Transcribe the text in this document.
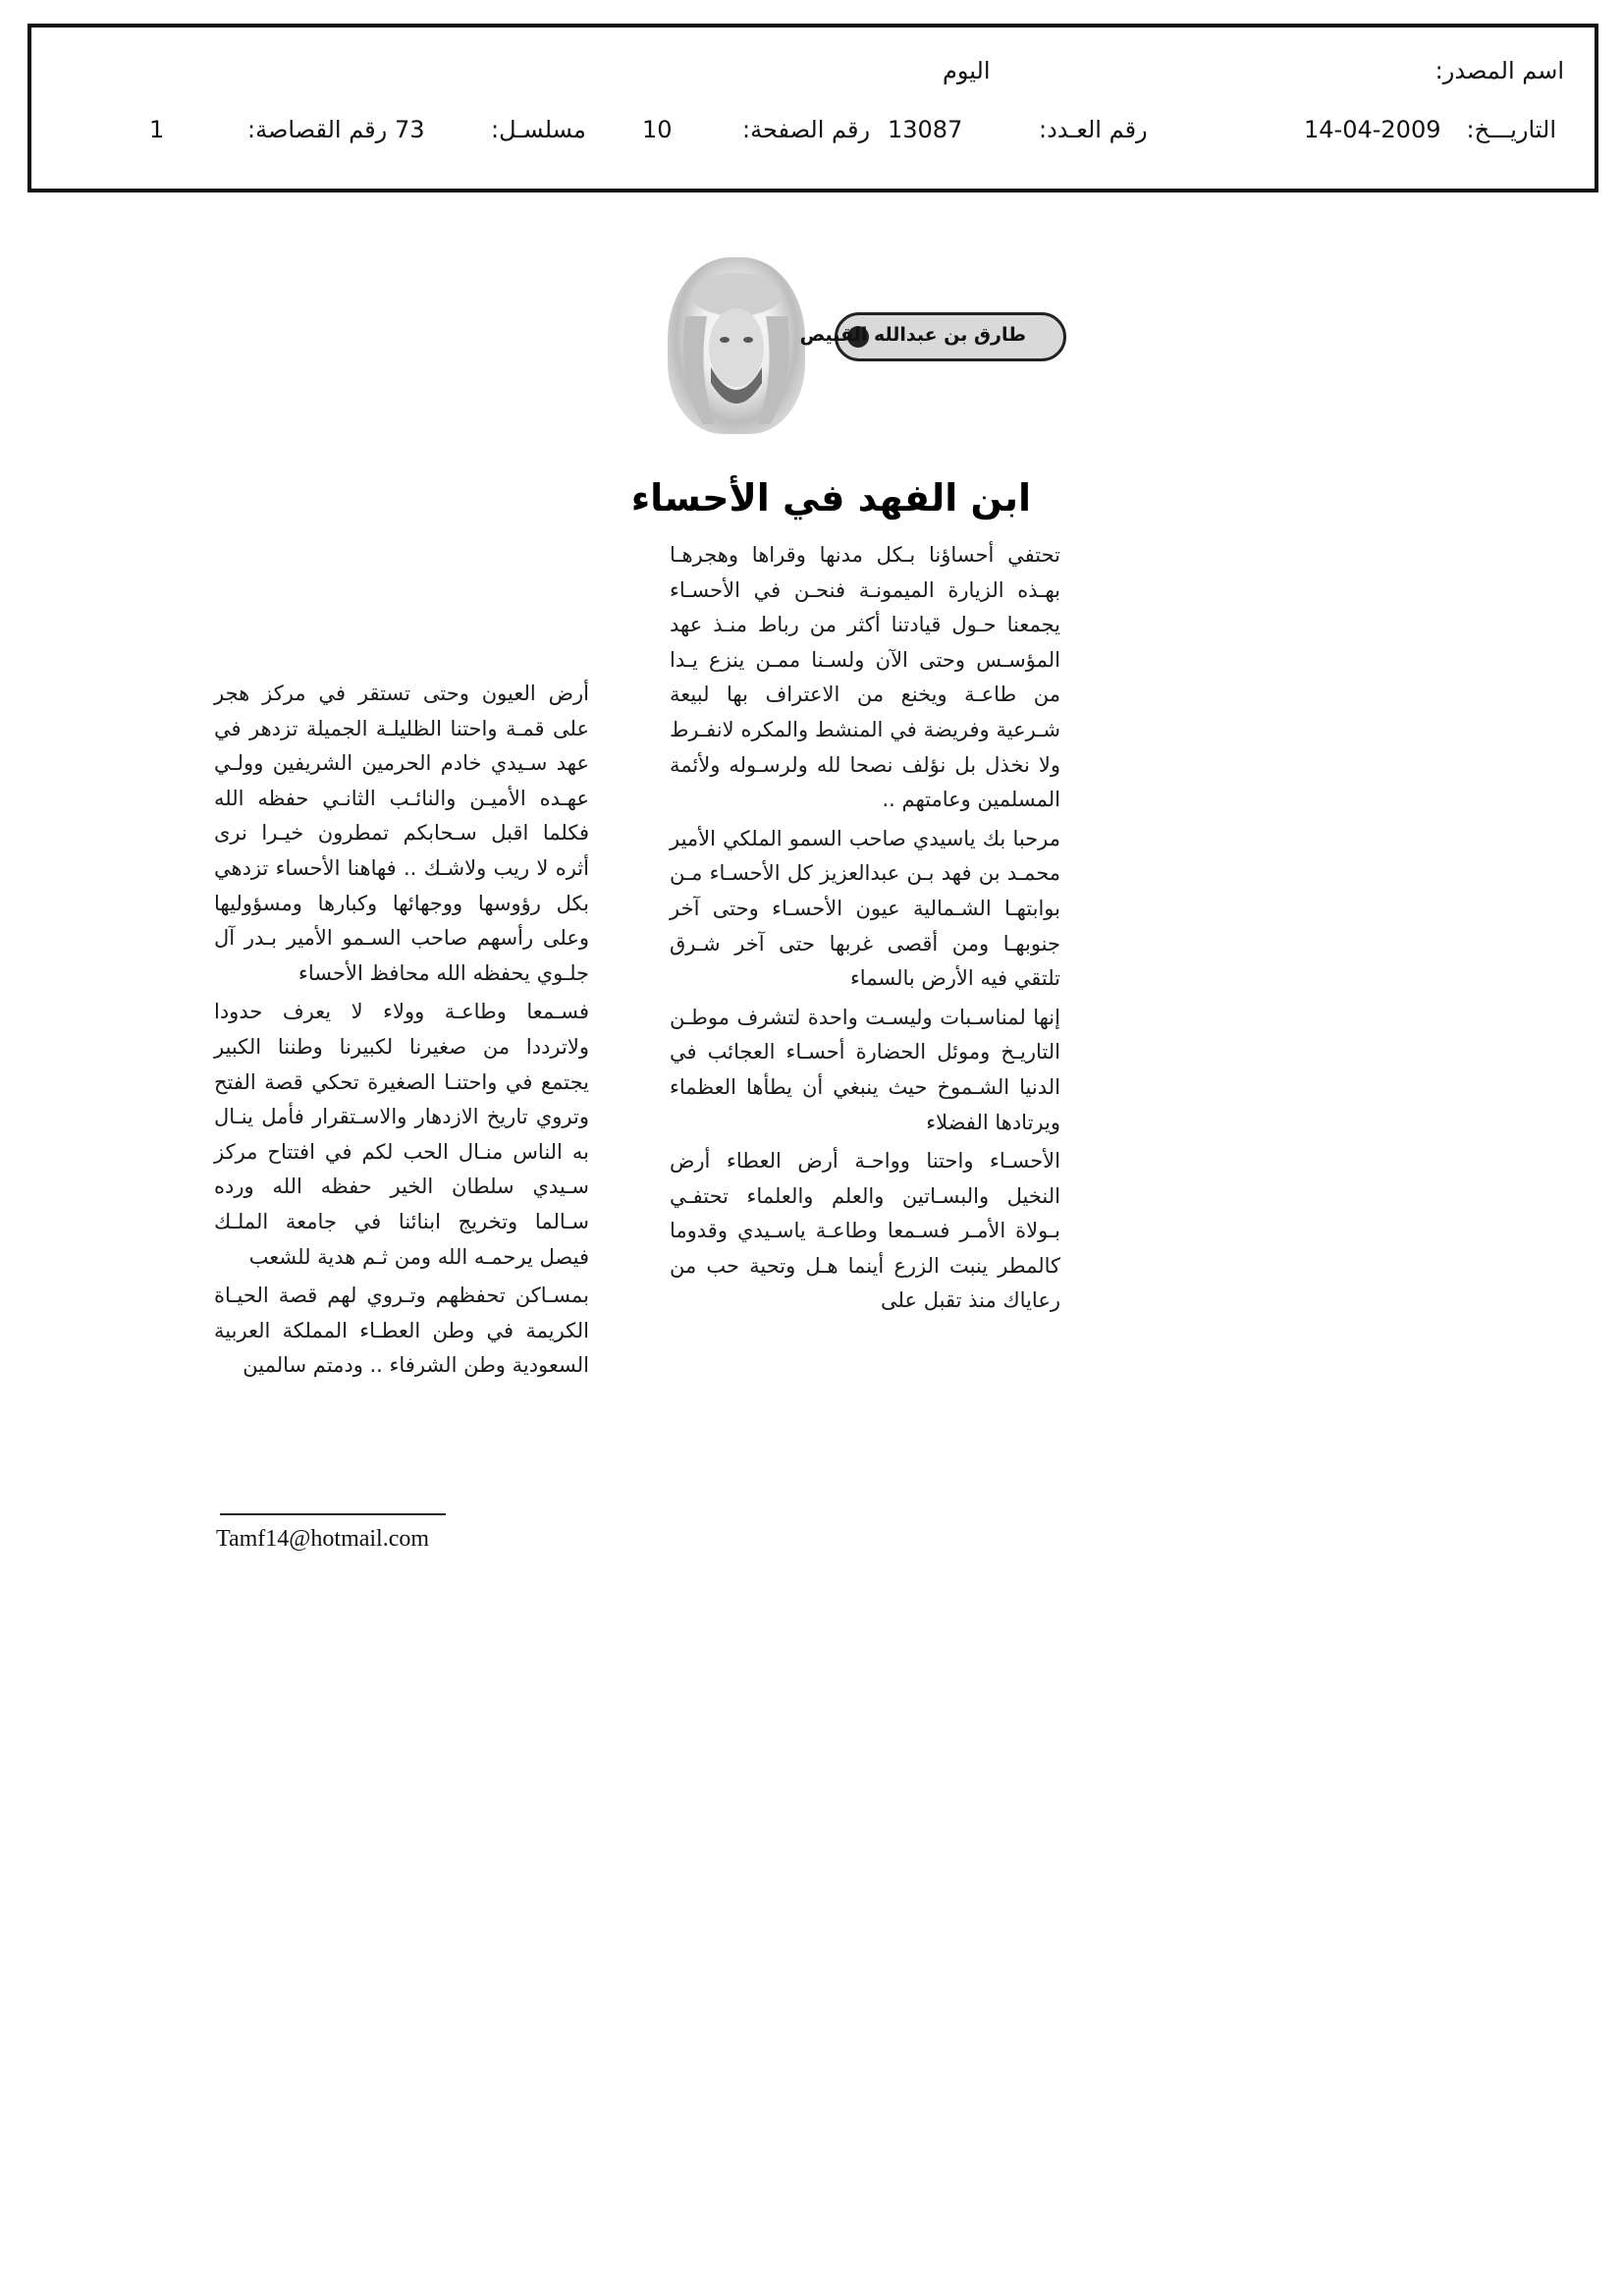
اسم المصدر:
اليوم
التاريـــخ:
14-04-2009
رقم العـدد:
13087
رقم الصفحة:
10
مسلسـل:
73
رقم القصاصة:
1
طارق بن عبدالله القبيص
ابن الفهد في الأحساء

تحتفي أحساؤنا بـكل مدنها وقراها وهجرهـا بهـذه الزيارة الميمونـة فنحـن في الأحسـاء يجمعنا حـول قيادتنا أكثر من رباط منـذ عهد المؤسـس وحتى الآن ولسـنا ممـن ينزع يـدا من طاعـة ويخنع من الاعتراف بها لبيعة شـرعية وفريضة في المنشط والمكره لانفـرط ولا نخذل بل نؤلف نصحا لله ولرسـوله ولأئمة المسلمين وعامتهم ..

مرحبا بك ياسيدي صاحب السمو الملكي الأمير محمـد بن فهد بـن عبدالعزيز كل الأحسـاء مـن بوابتهـا الشـمالية عيون الأحسـاء وحتى آخر جنوبهـا ومن أقصى غربها حتى آخر شـرق تلتقي فيه الأرض بالسماء

إنها لمناسـبات وليسـت واحدة لتشرف موطـن التاريـخ وموئل الحضارة أحسـاء العجائب في الدنيا الشـموخ حيث ينبغي أن يطأها العظماء ويرتادها الفضلاء

الأحسـاء واحتنا وواحـة أرض العطاء أرض النخيل والبسـاتين والعلم والعلماء تحتفـي بـولاة الأمـر فسـمعا وطاعـة ياسـيدي وقدوما كالمطر ينبت الزرع أينما هـل وتحية حب من رعاياك منذ تقبل على

أرض العيون وحتى تستقر في مركز هجر على قمـة واحتنا الظليلـة الجميلة تزدهر في عهد سـيدي خادم الحرمين الشريفين وولـي عهـده الأميـن والنائـب الثانـي حفظه الله فكلما اقبل سـحابكم تمطرون خيـرا نرى أثره لا ريب ولاشـك .. فهاهنا الأحساء تزدهي بكل رؤوسها ووجهائها وكبارها ومسؤوليها وعلى رأسهم صاحب السـمو الأمير بـدر آل جلـوي يحفظه الله محافظ الأحساء

فسـمعا وطاعـة وولاء لا يعرف حدودا ولاترددا من صغيرنا لكبيرنا وطننا الكبير يجتمع في واحتنـا الصغيرة تحكي قصة الفتح وتروي تاريخ الازدهار والاسـتقرار فأمل ينـال به الناس منـال الحب لكم في افتتاح مركز سـيدي سلطان الخير حفظه الله ورده سـالما وتخريج ابنائنا في جامعة الملـك فيصل يرحمـه الله ومن ثـم هدية للشعب

بمسـاكن تحفظهم وتـروي لهم قصة الحيـاة الكريمة في وطن العطـاء المملكة العربية السعودية وطن الشرفاء .. ودمتم سالمين

Tamf14@hotmail.com
